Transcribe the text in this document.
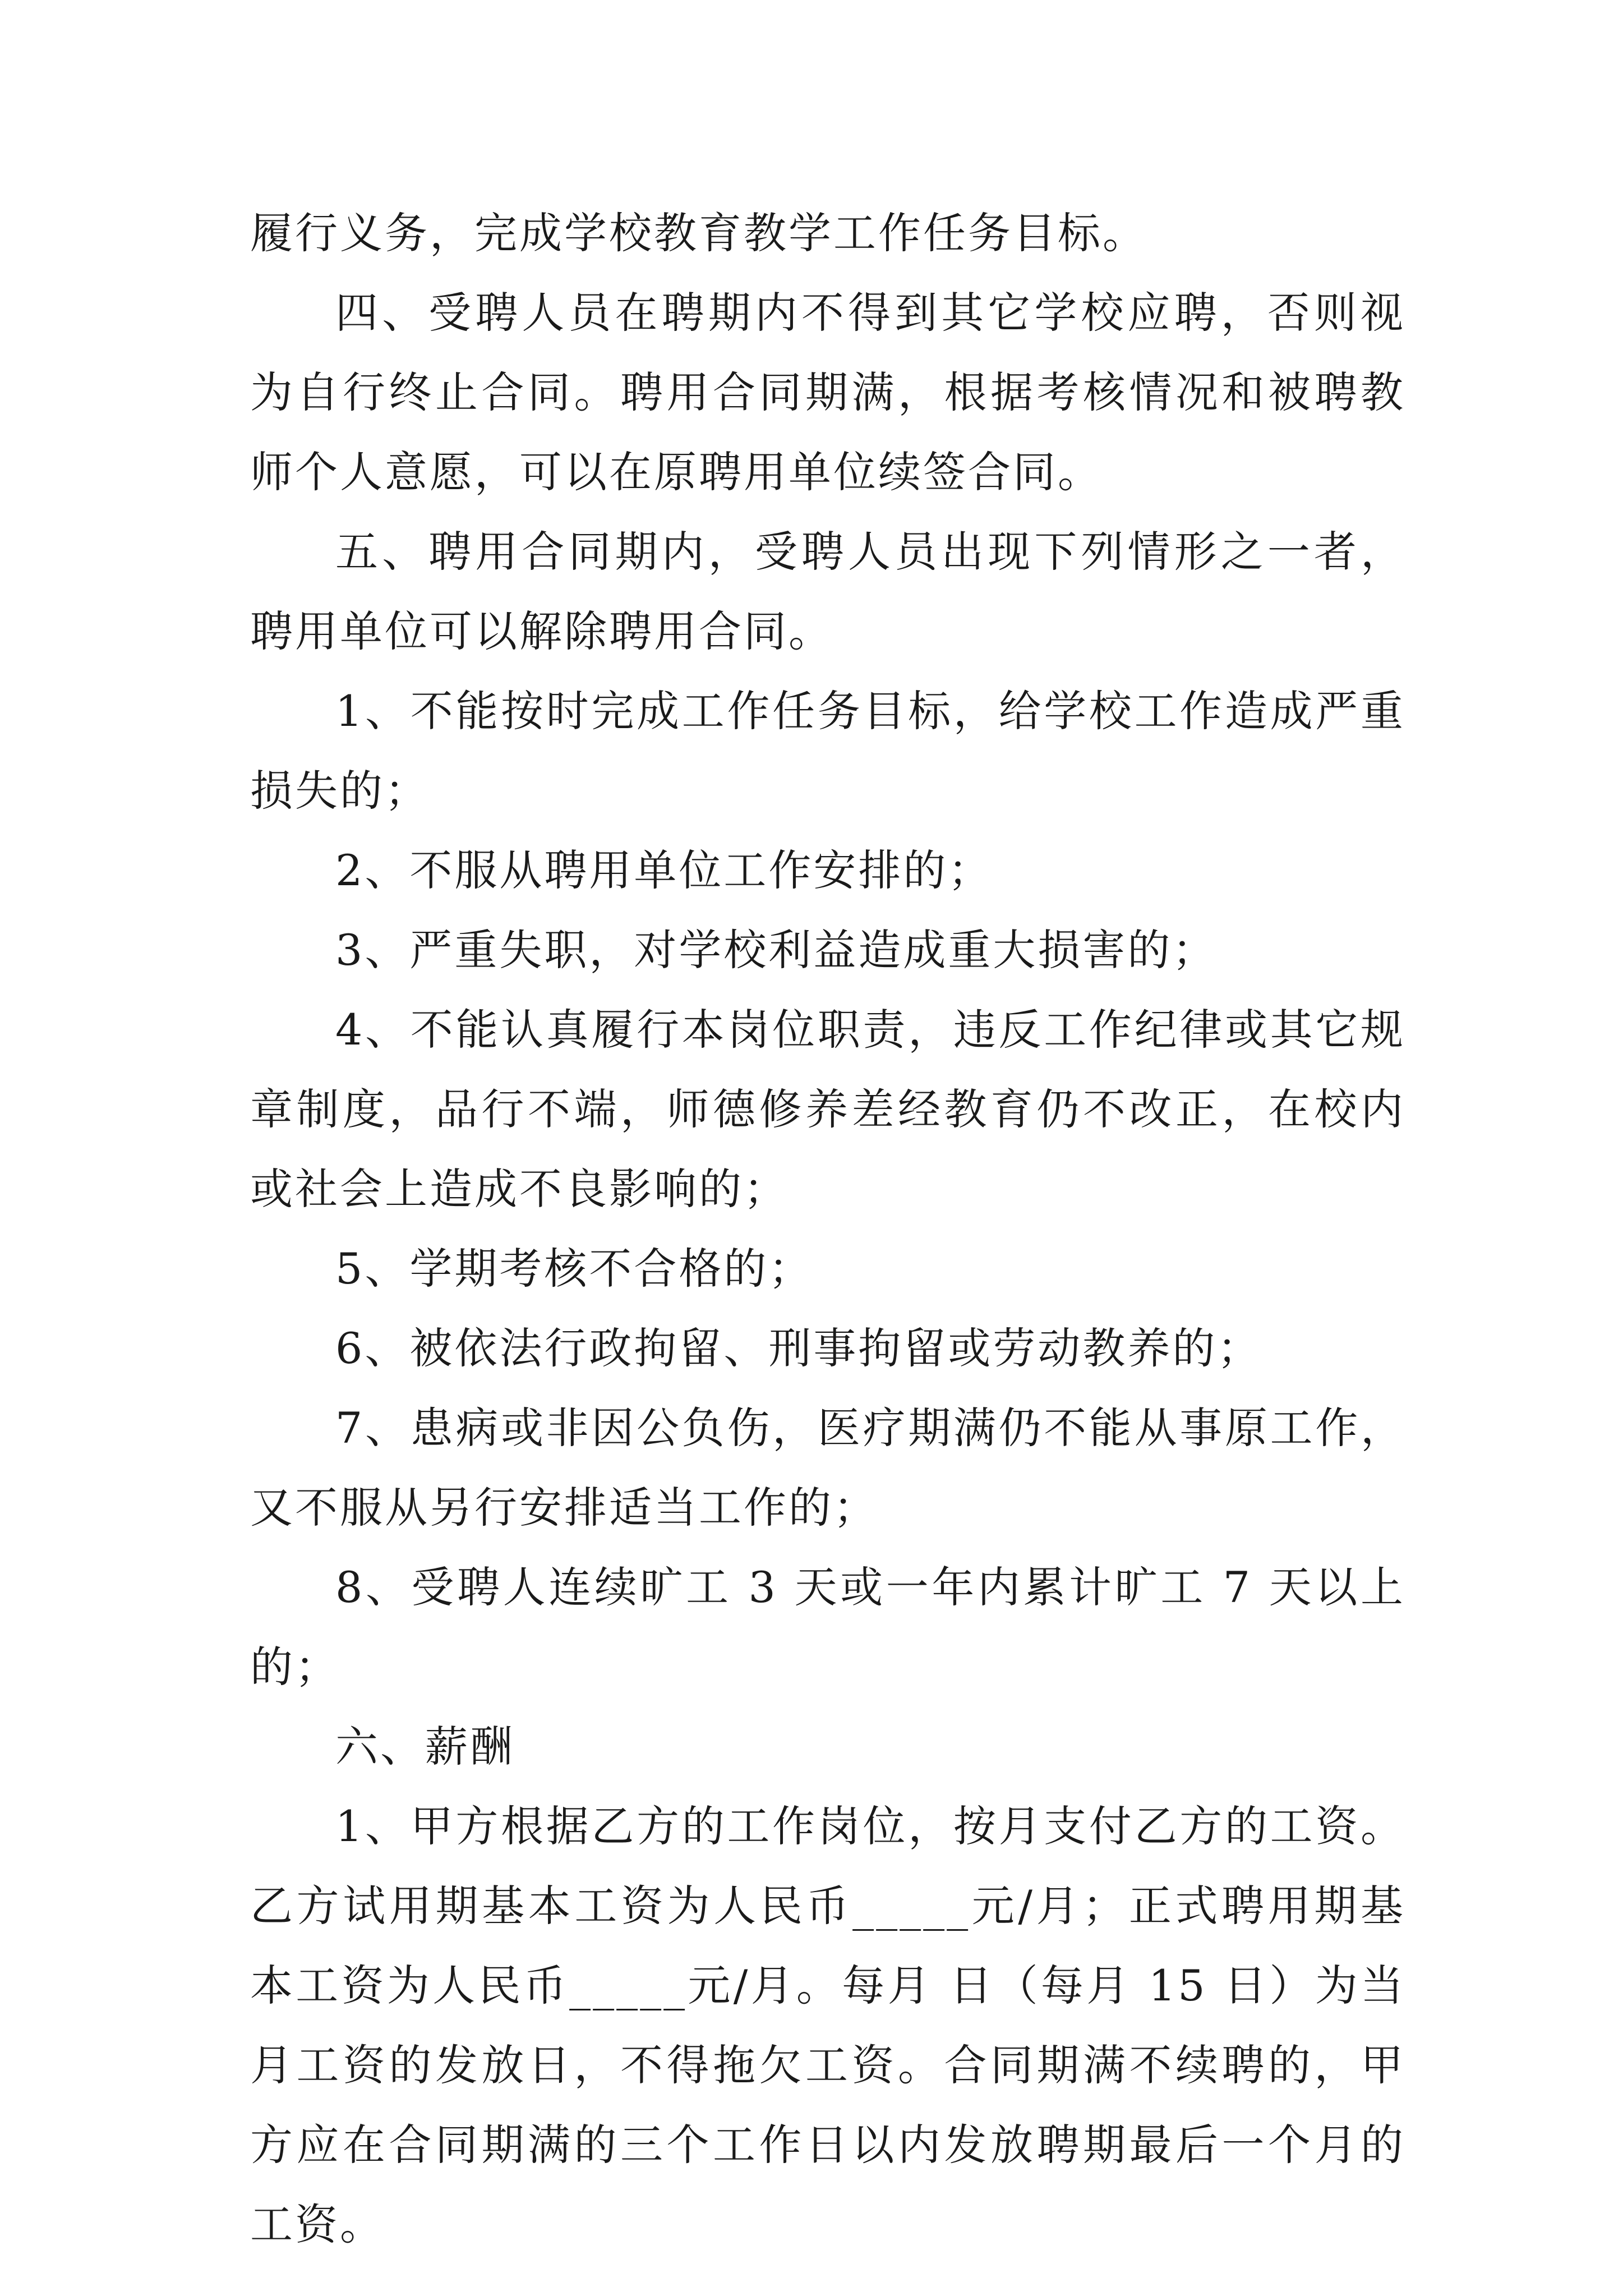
履行义务，完成学校教育教学工作任务目标。

四、受聘人员在聘期内不得到其它学校应聘，否则视为自行终止合同。聘用合同期满，根据考核情况和被聘教师个人意愿，可以在原聘用单位续签合同。

五、聘用合同期内，受聘人员出现下列情形之一者，聘用单位可以解除聘用合同。

1、不能按时完成工作任务目标，给学校工作造成严重损失的；

2、不服从聘用单位工作安排的；

3、严重失职，对学校利益造成重大损害的；

4、不能认真履行本岗位职责，违反工作纪律或其它规章制度，品行不端，师德修养差经教育仍不改正，在校内或社会上造成不良影响的；

5、学期考核不合格的；

6、被依法行政拘留、刑事拘留或劳动教养的；

7、患病或非因公负伤，医疗期满仍不能从事原工作，又不服从另行安排适当工作的；

8、受聘人连续旷工 3 天或一年内累计旷工 7 天以上的；

六、薪酬

1、甲方根据乙方的工作岗位，按月支付乙方的工资。乙方试用期基本工资为人民币_____元/月；正式聘用期基本工资为人民币_____元/月。每月 日（每月 15 日）为当月工资的发放日，不得拖欠工资。合同期满不续聘的，甲方应在合同期满的三个工作日以内发放聘期最后一个月的工资。
